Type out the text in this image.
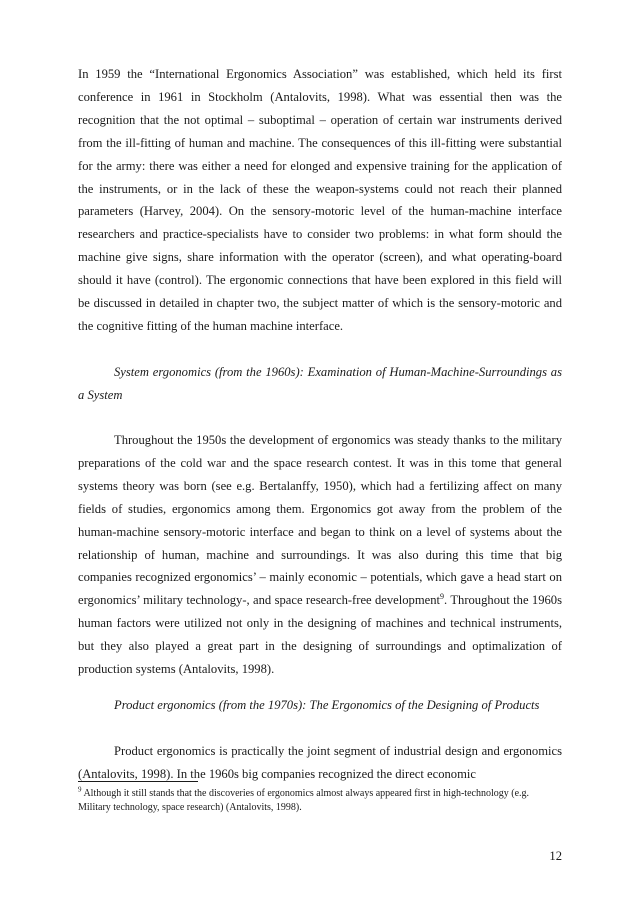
In 1959 the “International Ergonomics Association” was established, which held its first conference in 1961 in Stockholm (Antalovits, 1998). What was essential then was the recognition that the not optimal – suboptimal – operation of certain war instruments derived from the ill-fitting of human and machine. The consequences of this ill-fitting were substantial for the army: there was either a need for elonged and expensive training for the application of the instruments, or in the lack of these the weapon-systems could not reach their planned parameters (Harvey, 2004). On the sensory-motoric level of the human-machine interface researchers and practice-specialists have to consider two problems: in what form should the machine give signs, share information with the operator (screen), and what operating-board should it have (control). The ergonomic connections that have been explored in this field will be discussed in detailed in chapter two, the subject matter of which is the sensory-motoric and the cognitive fitting of the human machine interface.

System ergonomics (from the 1960s): Examination of Human-Machine-Surroundings as a System

Throughout the 1950s the development of ergonomics was steady thanks to the military preparations of the cold war and the space research contest. It was in this tome that general systems theory was born (see e.g. Bertalanffy, 1950), which had a fertilizing affect on many fields of studies, ergonomics among them. Ergonomics got away from the problem of the human-machine sensory-motoric interface and began to think on a level of systems about the relationship of human, machine and surroundings. It was also during this time that big companies recognized ergonomics’ – mainly economic – potentials, which gave a head start on ergonomics’ military technology-, and space research-free development$^9$. Throughout the 1960s human factors were utilized not only in the designing of machines and technical instruments, but they also played a great part in the designing of surroundings and optimalization of production systems (Antalovits, 1998).

Product ergonomics (from the 1970s): The Ergonomics of the Designing of Products

Product ergonomics is practically the joint segment of industrial design and ergonomics (Antalovits, 1998). In the 1960s big companies recognized the direct economic

$^9$ Although it still stands that the discoveries of ergonomics almost always appeared first in high-technology (e.g. Military technology, space research) (Antalovits, 1998).

12
